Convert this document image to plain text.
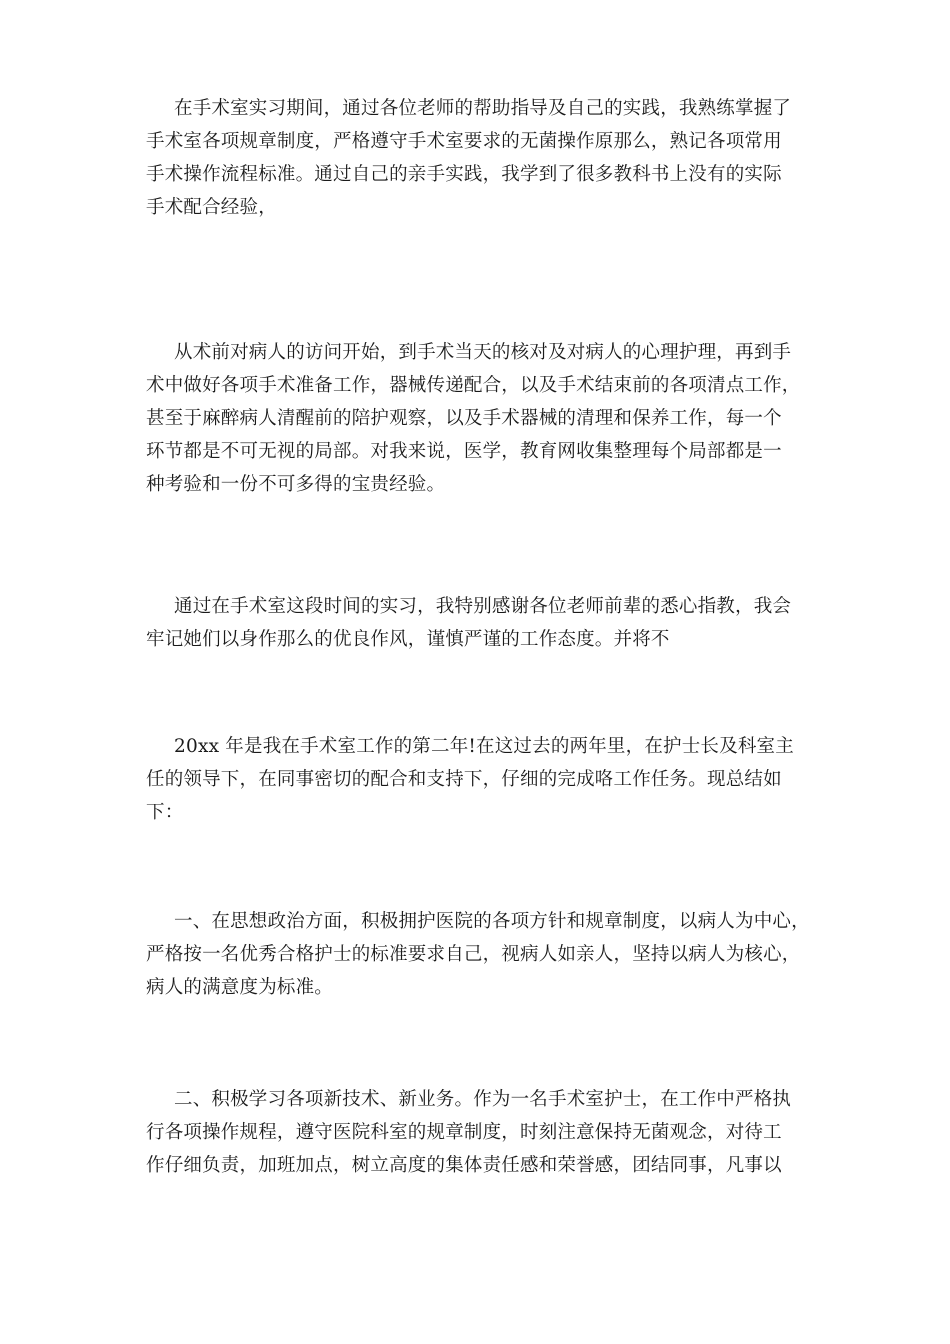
在手术室实习期间，通过各位老师的帮助指导及自己的实践，我熟练掌握了
手术室各项规章制度，严格遵守手术室要求的无菌操作原那么，熟记各项常用
手术操作流程标准。通过自己的亲手实践，我学到了很多教科书上没有的实际
手术配合经验，
从术前对病人的访问开始，到手术当天的核对及对病人的心理护理，再到手
术中做好各项手术准备工作，器械传递配合，以及手术结束前的各项清点工作，
甚至于麻醉病人清醒前的陪护观察，以及手术器械的清理和保养工作，每一个
环节都是不可无视的局部。对我来说，医学，教育网收集整理每个局部都是一
种考验和一份不可多得的宝贵经验。
通过在手术室这段时间的实习，我特别感谢各位老师前辈的悉心指教，我会
牢记她们以身作那么的优良作风，谨慎严谨的工作态度。并将不
20xx 年是我在手术室工作的第二年!在这过去的两年里，在护士长及科室主
任的领导下，在同事密切的配合和支持下，仔细的完成咯工作任务。现总结如
下：
一、在思想政治方面，积极拥护医院的各项方针和规章制度，以病人为中心，
严格按一名优秀合格护士的标准要求自己，视病人如亲人，坚持以病人为核心，
病人的满意度为标准。
二、积极学习各项新技术、新业务。作为一名手术室护士，在工作中严格执
行各项操作规程，遵守医院科室的规章制度，时刻注意保持无菌观念，对待工
作仔细负责，加班加点，树立高度的集体责任感和荣誉感，团结同事，凡事以
